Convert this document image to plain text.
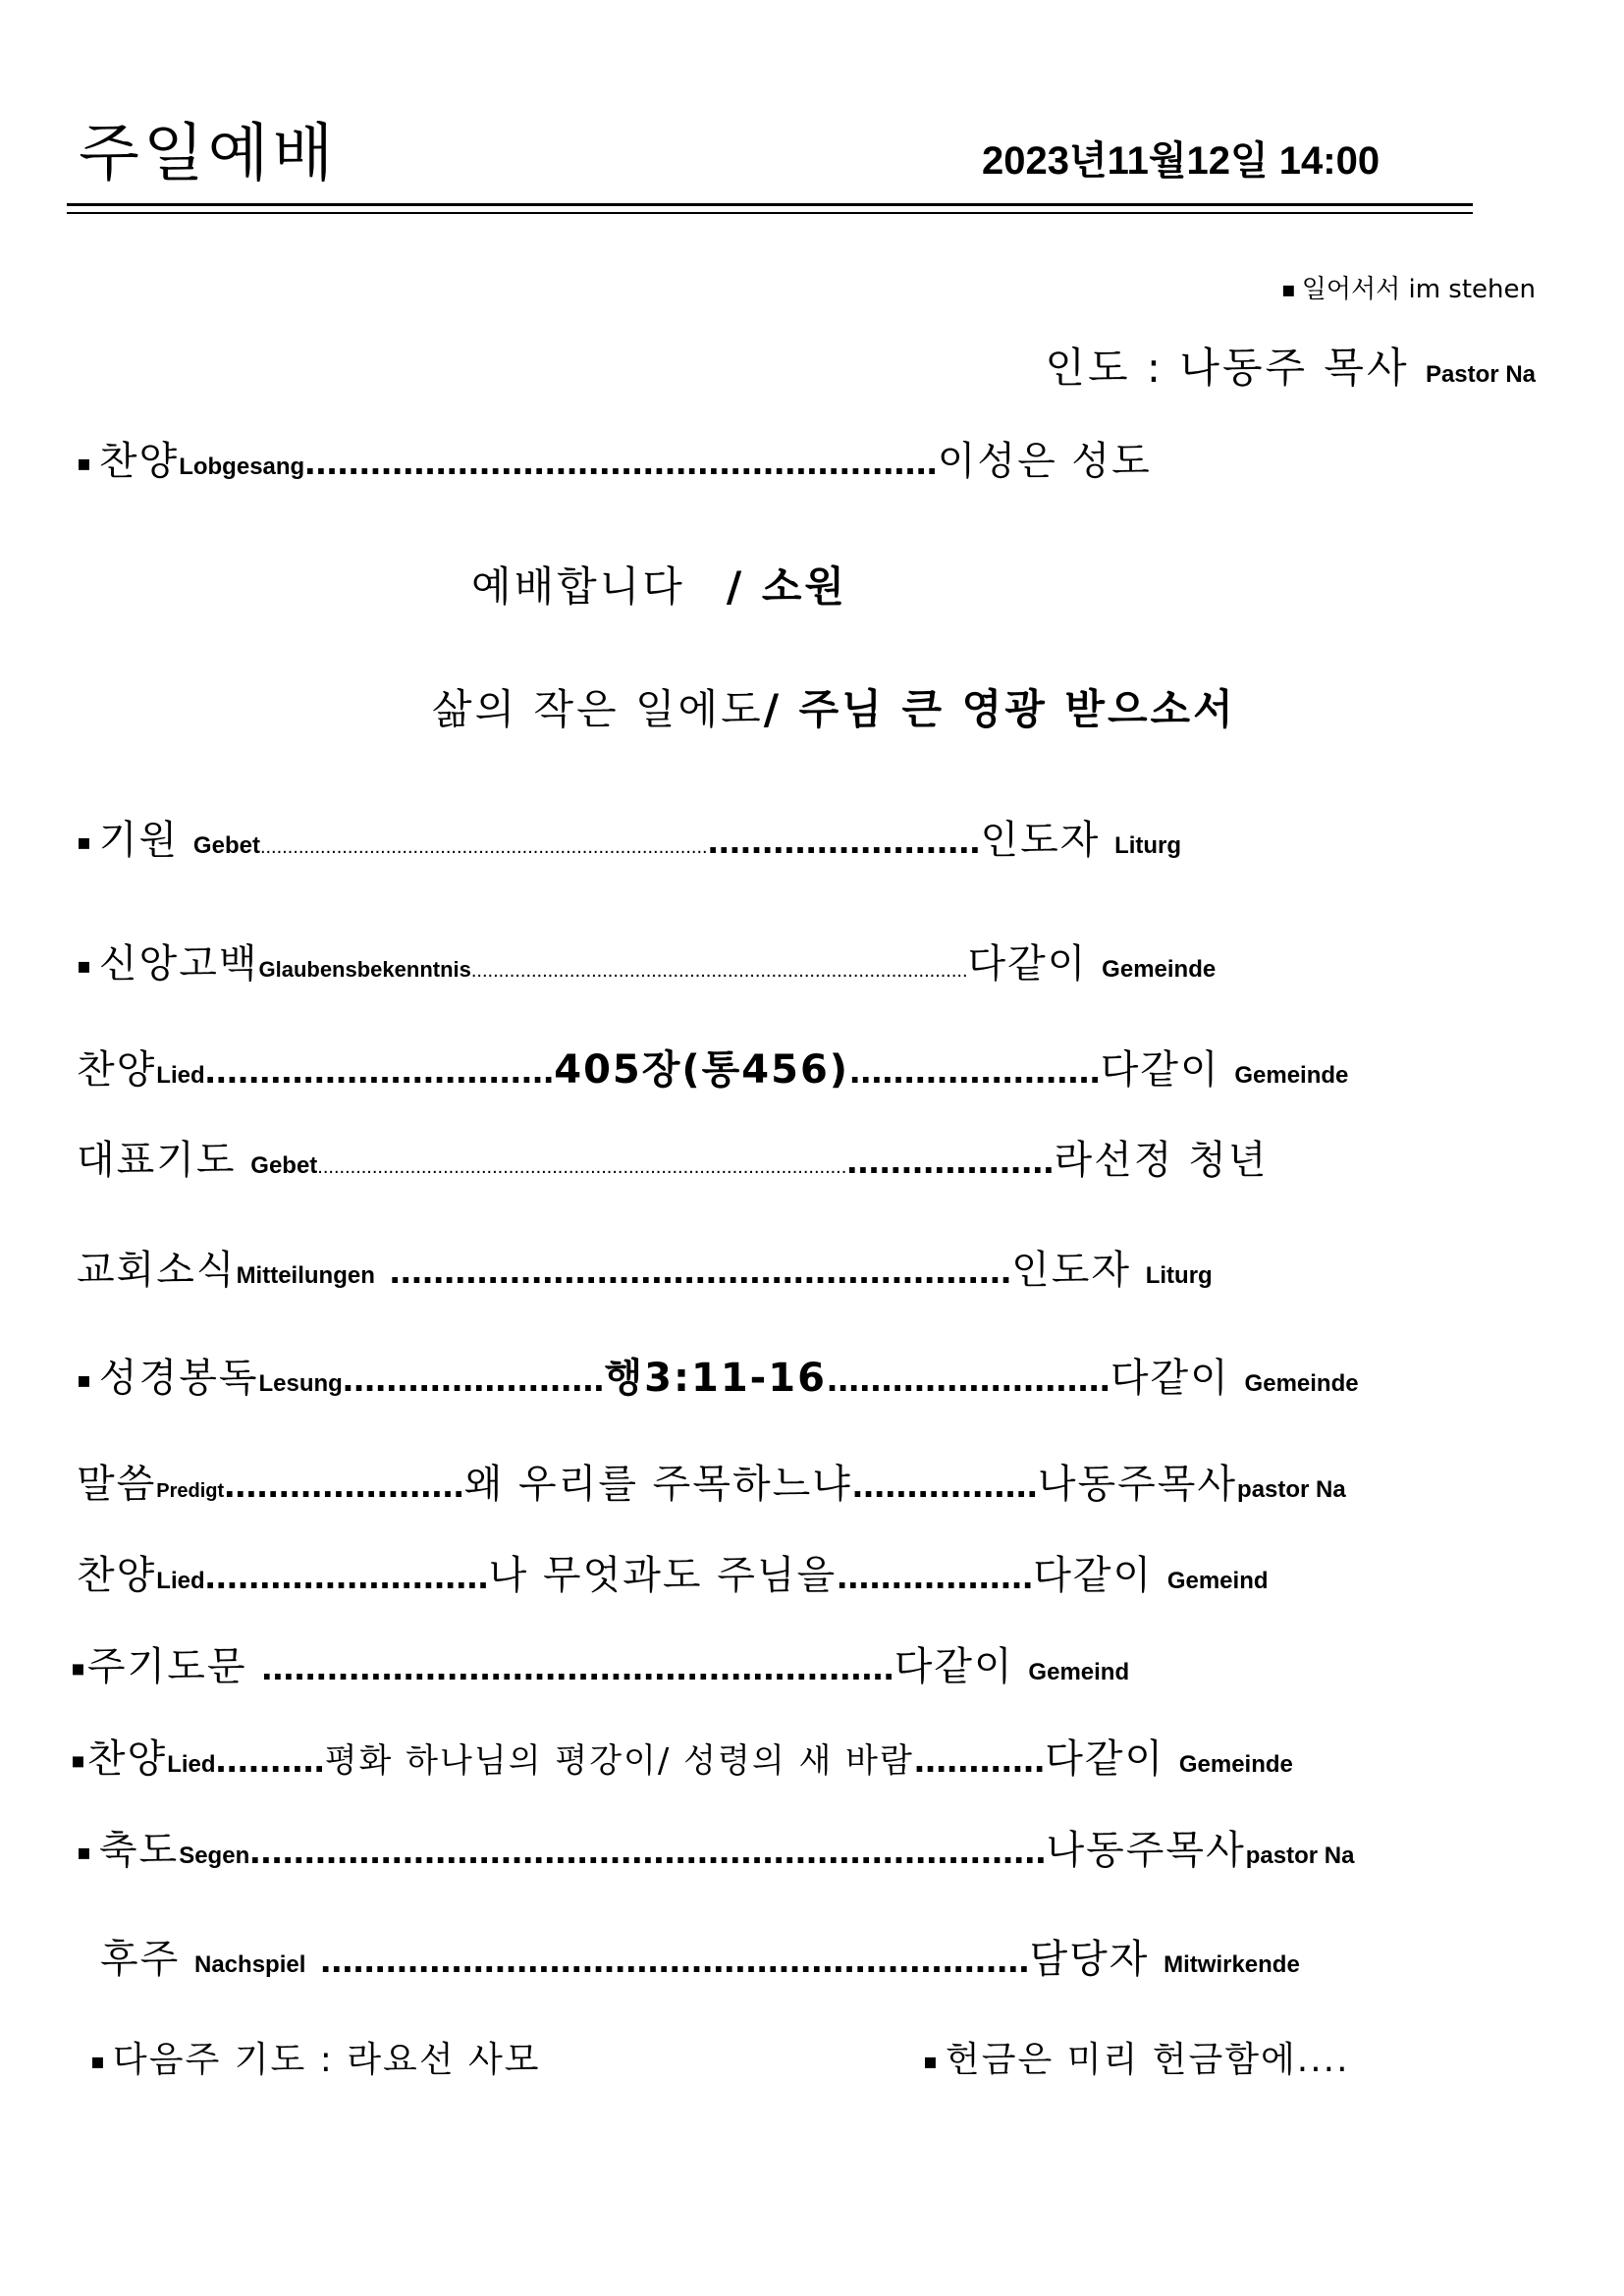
주일예배	2023년11월12일 14:00
▪ 일어서서 im stehen
인도 : 나동주 목사 Pastor Na
▪ 찬양Lobgesang..........................................................이성은 성도
예배합니다 / 소원
삶의 작은 일에도/ 주님 큰 영광 받으소서
▪ 기원 Gebet...........................................................................................................인도자 Liturg
▪ 신앙고백Glaubensbekenntnis...........................................................................................다같이 Gemeinde
찬양Lied................................405장(통456).......................다같이 Gemeinde
대표기도 Gebet....................................................................................................................라선정 청년
교회소식Mitteilungen .........................................................인도자 Liturg
▪ 성경봉독Lesung........................행3:11-16..........................다같이 Gemeinde
말씀Predigt......................왜 우리를 주목하느냐.................나동주목사pastor Na
찬양Lied..........................나 무엇과도 주님을..................다같이 Gemeind
▪주기도문 ..........................................................다같이 Gemeind
▪찬양Lied..........평화 하나님의 평강이/ 성령의 새 바람............다같이 Gemeinde
▪ 축도Segen.........................................................................나동주목사pastor Na
후주 Nachspiel .................................................................담당자 Mitwirkende
▪ 다음주 기도 : 라요선 사모	▪ 헌금은 미리 헌금함에....
